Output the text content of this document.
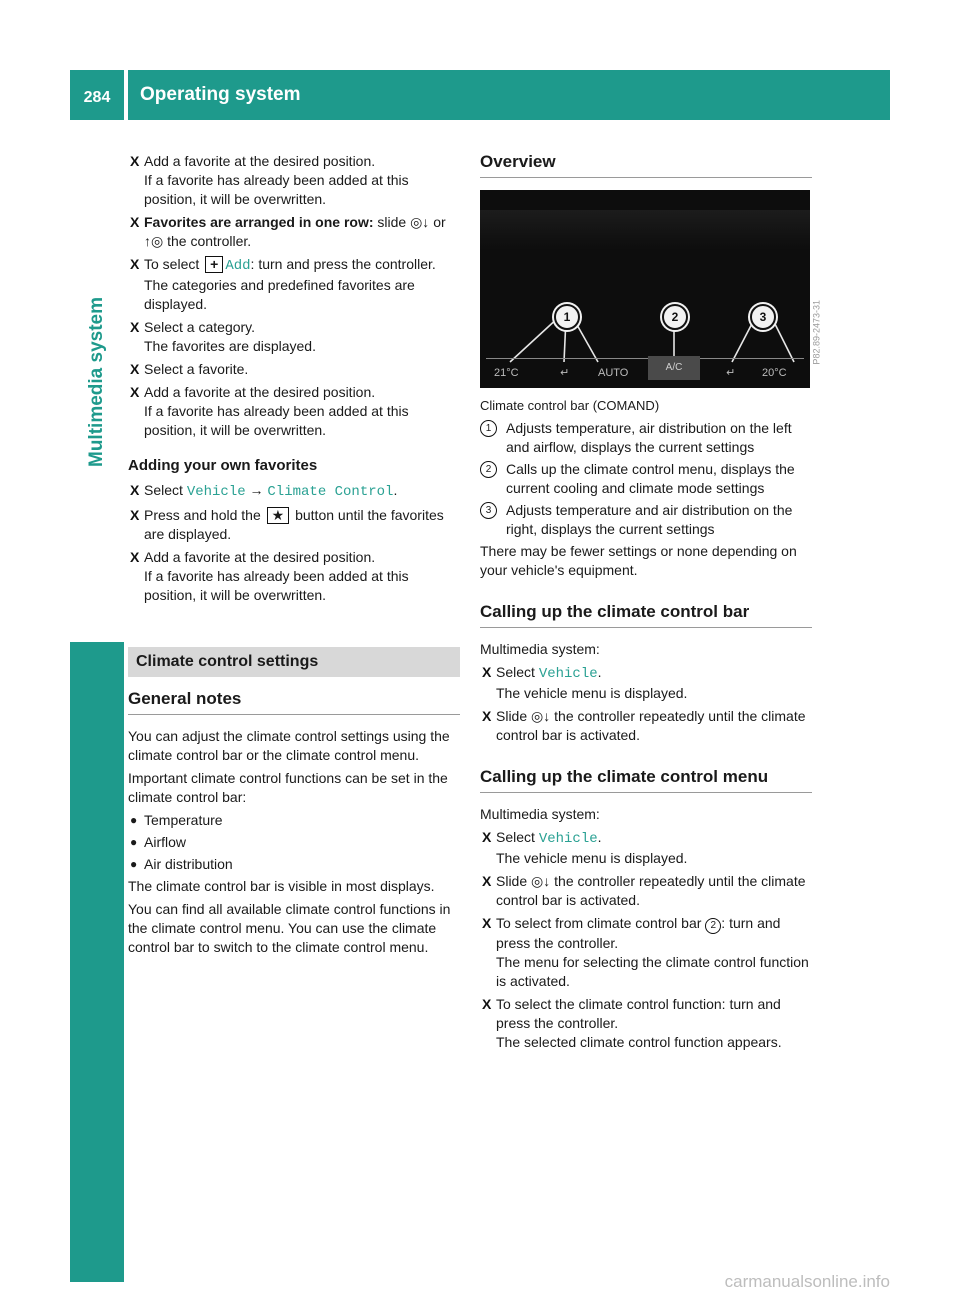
284	Operating system
Multimedia system
X Add a favorite at the desired position.

If a favorite has already been added at this position, it will be overwritten.

X Favorites are arranged in one row: slide ◎↓ or ↑◎ the controller.

X To select + Add: turn and press the controller.

The categories and predefined favorites are displayed.

X Select a category.

The favorites are displayed.

X Select a favorite.

X Add a favorite at the desired position.

If a favorite has already been added at this position, it will be overwritten.

Adding your own favorites
X Select Vehicle → Climate Control.

X Press and hold the ★ button until the favorites are displayed.

X Add a favorite at the desired position.

If a favorite has already been added at this position, it will be overwritten.

Climate control settings
General notes

You can adjust the climate control settings using the climate control bar or the climate control menu.

Important climate control functions can be set in the climate control bar:

● Temperature
● Airflow
● Air distribution

The climate control bar is visible in most displays.

You can find all available climate control functions in the climate control menu. You can use the climate control bar to switch to the climate control menu.

Overview
1	2	3
21°C	↵	AUTO	A/C	↵ 20°C
P82.89-2473-31
Climate control bar (COMAND)
1	Adjusts temperature, air distribution on the left and airflow, displays the current settings
2	Calls up the climate control menu, displays the current cooling and climate mode settings
3	Adjusts temperature and air distribution on the right, displays the current settings

There may be fewer settings or none depending on your vehicle's equipment.

Calling up the climate control bar

Multimedia system:

X Select Vehicle.

The vehicle menu is displayed.

X Slide ◎↓ the controller repeatedly until the climate control bar is activated.

Calling up the climate control menu

Multimedia system:

X Select Vehicle.

The vehicle menu is displayed.

X Slide ◎↓ the controller repeatedly until the climate control bar is activated.

X To select from climate control bar 2 : turn and press the controller.

The menu for selecting the climate control function is activated.

X To select the climate control function: turn and press the controller.

The selected climate control function appears.

carmanualsonline.info
